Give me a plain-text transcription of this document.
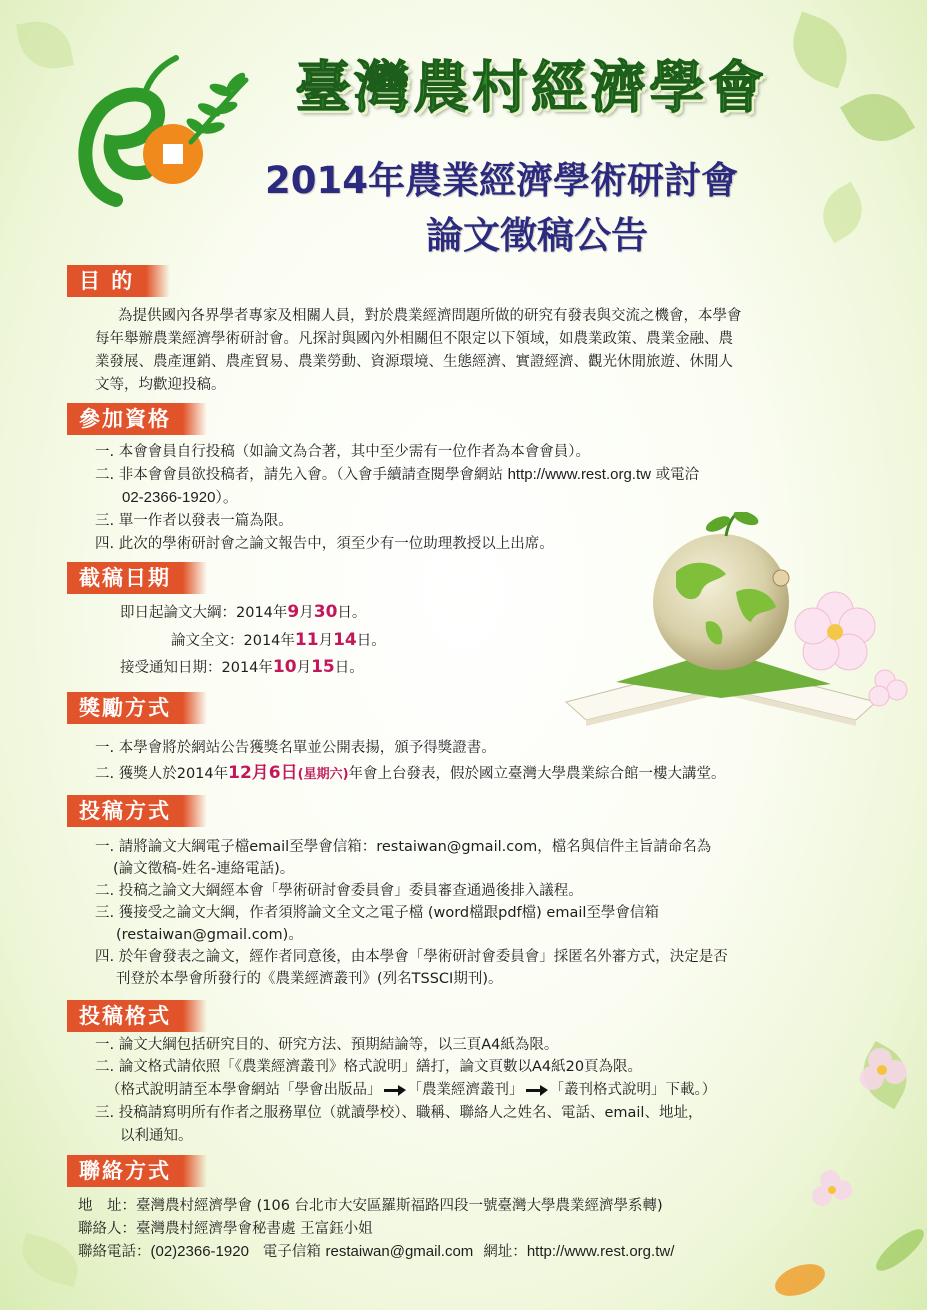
臺灣農村經濟學會
2014年農業經濟學術研討會
論文徵稿公告
目 的
為提供國內各界學者專家及相關人員，對於農業經濟問題所做的研究有發表與交流之機會，本學會
每年舉辦農業經濟學術研討會。凡探討與國內外相關但不限定以下領域，如農業政策、農業金融、農
業發展、農產運銷、農產貿易、農業勞動、資源環境、生態經濟、實證經濟、觀光休閒旅遊、休閒人
文等，均歡迎投稿。
參加資格
一. 本會會員自行投稿（如論文為合著，其中至少需有一位作者為本會會員）。
二. 非本會會員欲投稿者，請先入會。（入會手續請查閱學會網站 http://www.rest.org.tw 或電洽
02-2366-1920）。
三. 單一作者以發表一篇為限。
四. 此次的學術研討會之論文報告中，須至少有一位助理教授以上出席。
截稿日期
即日起論文大綱：2014年9月30日。
論文全文：2014年11月14日。
接受通知日期：2014年10月15日。
獎勵方式
一. 本學會將於網站公告獲獎名單並公開表揚，頒予得獎證書。
二. 獲獎人於2014年12月6日(星期六)年會上台發表，假於國立臺灣大學農業綜合館一樓大講堂。
投稿方式
一. 請將論文大綱電子檔email至學會信箱：restaiwan@gmail.com，檔名與信件主旨請命名為
(論文徵稿-姓名-連絡電話)。
二. 投稿之論文大綱經本會「學術研討會委員會」委員審查通過後排入議程。
三. 獲接受之論文大綱，作者須將論文全文之電子檔 (word檔跟pdf檔) email至學會信箱
(restaiwan@gmail.com)。
四. 於年會發表之論文，經作者同意後，由本學會「學術研討會委員會」採匿名外審方式，決定是否
刊登於本學會所發行的《農業經濟叢刊》(列名TSSCI期刊)。
投稿格式
一. 論文大綱包括研究目的、研究方法、預期結論等，以三頁A4紙為限。
二. 論文格式請依照「《農業經濟叢刊》格式說明」繕打，論文頁數以A4紙20頁為限。
（格式說明請至本學會網站「學會出版品」 「農業經濟叢刊」 「叢刊格式說明」下載。）
三. 投稿請寫明所有作者之服務單位（就讀學校）、職稱、聯絡人之姓名、電話、email、地址，
以利通知。
聯絡方式
地　址：臺灣農村經濟學會 (106 台北市大安區羅斯福路四段一號臺灣大學農業經濟學系轉)
聯絡人：臺灣農村經濟學會秘書處 王富鈺小姐
聯絡電話：(02)2366-1920 電子信箱 restaiwan@gmail.com 網址：http://www.rest.org.tw/
